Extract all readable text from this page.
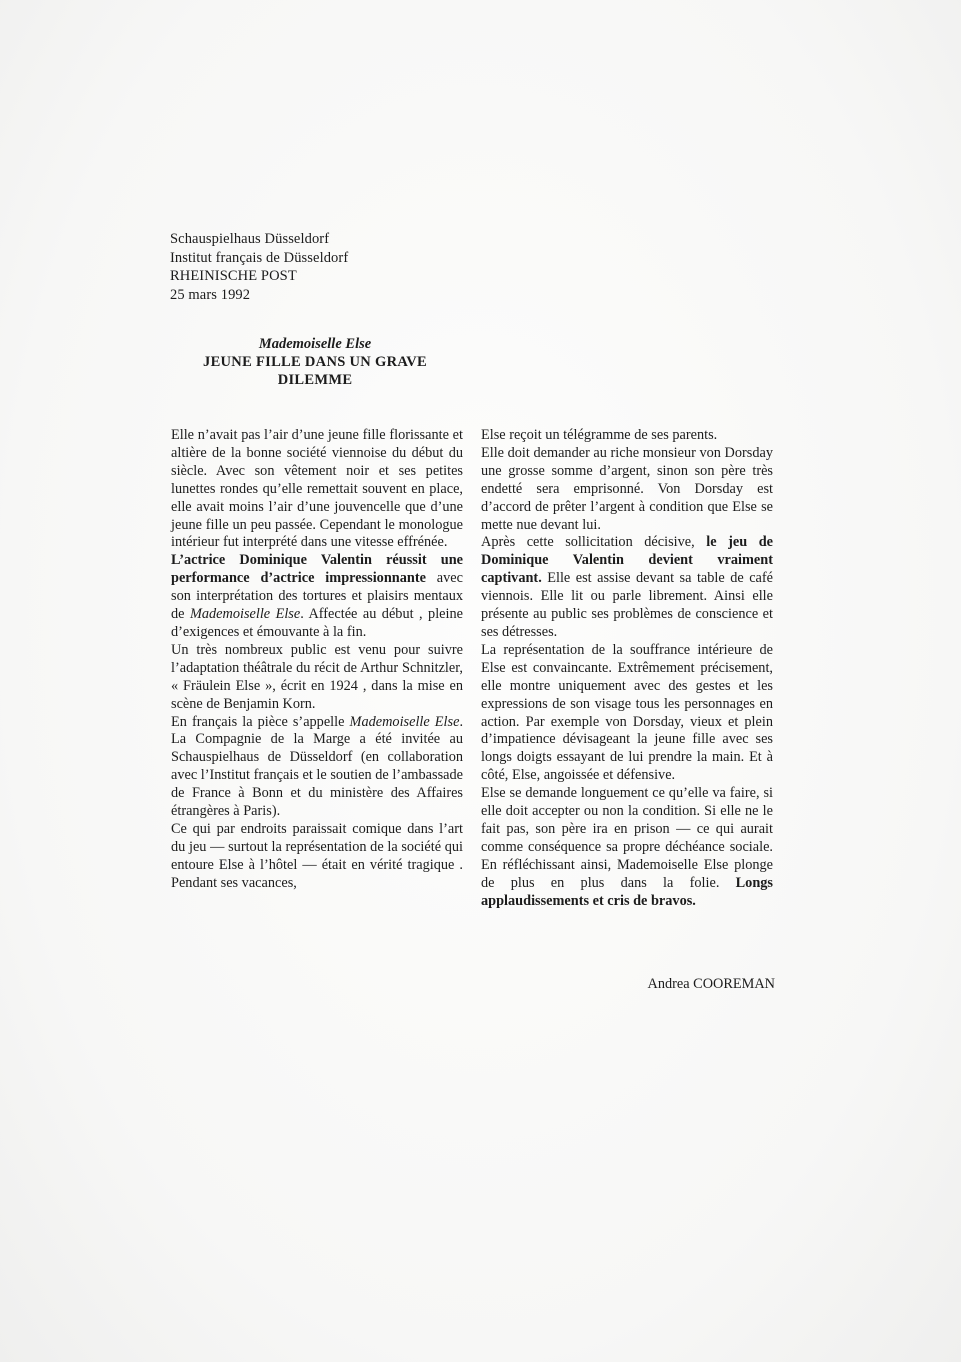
Schauspielhaus Düsseldorf
Institut français de Düsseldorf
RHEINISCHE POST
25 mars 1992
Mademoiselle Else
JEUNE FILLE DANS UN GRAVE
DILEMME

Elle n’avait pas l’air d’une jeune fille florissante et altière de la bonne société viennoise du début du siècle. Avec son vêtement noir et ses petites lunettes rondes qu’elle remettait souvent en place, elle avait moins l’air d’une jouvencelle que d’une jeune fille un peu passée. Cependant le monologue intérieur fut interprété dans une vitesse effrénée.

L’actrice Dominique Valentin réussit une performance d’actrice impressionnante avec son interprétation des tortures et plaisirs mentaux de Mademoiselle Else. Affectée au début , pleine d’exigences et émouvante à la fin.

Un très nombreux public est venu pour suivre l’adaptation théâtrale du récit de Arthur Schnitzler, « Fräulein Else », écrit en 1924 , dans la mise en scène de Benjamin Korn.

En français la pièce s’appelle Mademoiselle Else. La Compagnie de la Marge a été invitée au Schauspielhaus de Düsseldorf (en collaboration avec l’Institut français et le soutien de l’ambassade de France à Bonn et du ministère des Affaires étrangères à Paris).

Ce qui par endroits paraissait comique dans l’art du jeu — surtout la représentation de la société qui entoure Else à l’hôtel — était en vérité tragique . Pendant ses vacances,

Else reçoit un télégramme de ses parents.

Elle doit demander au riche monsieur von Dorsday une grosse somme d’argent, sinon son père très endetté sera emprisonné. Von Dorsday est d’accord de prêter l’argent à condition que Else se mette nue devant lui.

Après cette sollicitation décisive, le jeu de Dominique Valentin devient vraiment captivant. Elle est assise devant sa table de café viennois. Elle lit ou parle librement. Ainsi elle présente au public ses problèmes de conscience et ses détresses.

La représentation de la souffrance intérieure de Else est convaincante. Extrêmement précisement, elle montre uniquement avec des gestes et les expressions de son visage tous les personnages en action. Par exemple von Dorsday, vieux et plein d’impatience dévisageant la jeune fille avec ses longs doigts essayant de lui prendre la main. Et à côté, Else, angoissée et défensive.

Else se demande longuement ce qu’elle va faire, si elle doit accepter ou non la condition. Si elle ne le fait pas, son père ira en prison — ce qui aurait comme conséquence sa propre déchéance sociale. En réfléchissant ainsi, Mademoiselle Else plonge de plus en plus dans la folie. Longs applaudissements et cris de bravos.

Andrea COOREMAN
